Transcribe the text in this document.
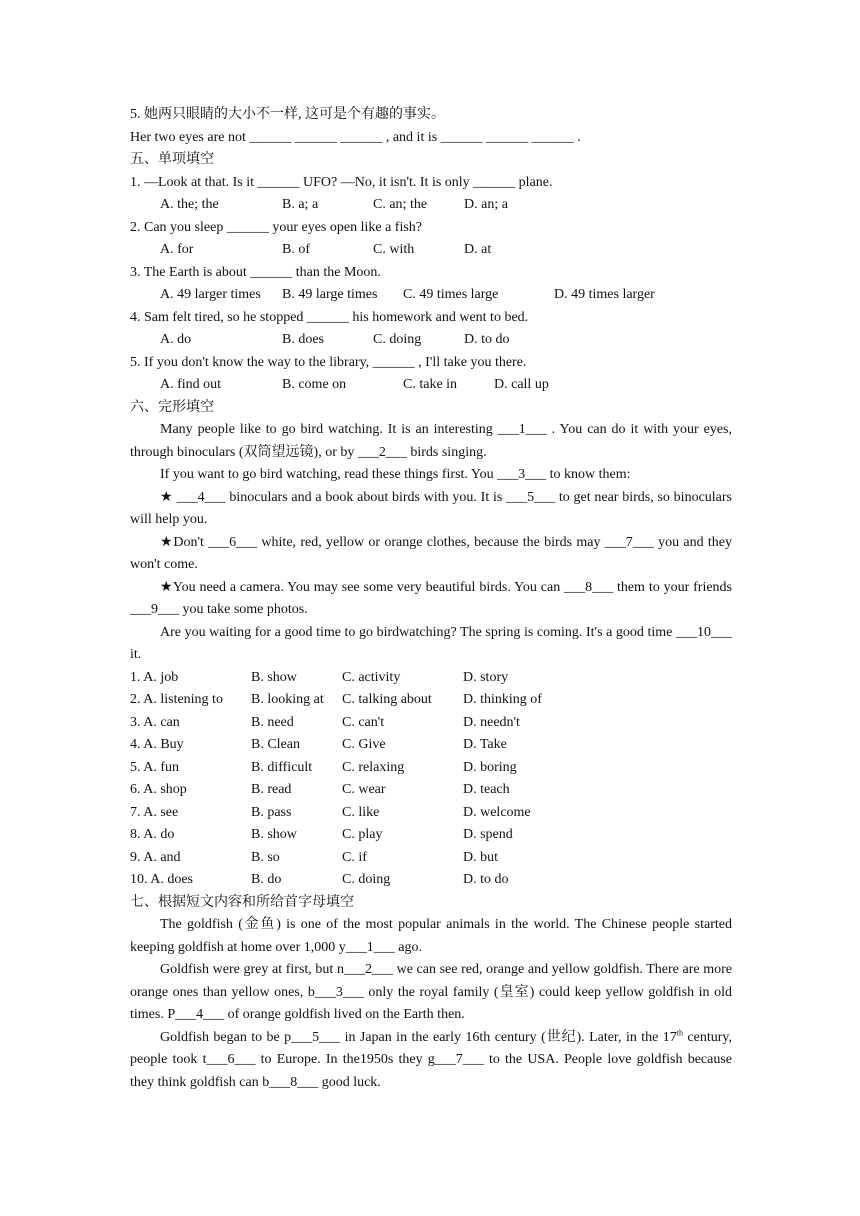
5. 她两只眼睛的大小不一样, 这可是个有趣的事实。
Her two eyes are not ______ ______ ______ , and it is ______ ______ ______ .
五、单项填空
1. —Look at that. Is it ______ UFO? —No, it isn't. It is only ______ plane.
A. the; the	B. a; a	C. an; the	D. an; a
2. Can you sleep ______ your eyes open like a fish?
A. for	B. of	C. with	D. at
3. The Earth is about ______ than the Moon.
A. 49 larger times	B. 49 large times	C. 49 times large	D. 49 times larger
4. Sam felt tired, so he stopped ______ his homework and went to bed.
A. do	B. does	C. doing	D. to do
5. If you don't know the way to the library, ______ , I'll take you there.
A. find out	B. come on	C. take in	D. call up
六、完形填空
Many people like to go bird watching. It is an interesting ___1___ . You can do it with your eyes, through binoculars (双筒望远镜), or by ___2___ birds singing.
If you want to go bird watching, read these things first. You ___3___ to know them:
★ ___4___ binoculars and a book about birds with you. It is ___5___ to get near birds, so binoculars will help you.
★Don't ___6___ white, red, yellow or orange clothes, because the birds may ___7___ you and they won't come.
★You need a camera. You may see some very beautiful birds. You can ___8___ them to your friends ___9___ you take some photos.
Are you waiting for a good time to go birdwatching? The spring is coming. It's a good time ___10___ it.
1. A. job	B. show	C. activity	D. story
2. A. listening to	B. looking at	C. talking about	D. thinking of
3. A. can	B. need	C. can't	D. needn't
4. A. Buy	B. Clean	C. Give	D. Take
5. A. fun	B. difficult	C. relaxing	D. boring
6. A. shop	B. read	C. wear	D. teach
7. A. see	B. pass	C. like	D. welcome
8. A. do	B. show	C. play	D. spend
9. A. and	B. so	C. if	D. but
10. A. does	B. do	C. doing	D. to do
七、根据短文内容和所给首字母填空
The goldfish (金鱼) is one of the most popular animals in the world. The Chinese people started keeping goldfish at home over 1,000 y___1___ ago.
Goldfish were grey at first, but n___2___ we can see red, orange and yellow goldfish. There are more orange ones than yellow ones, b___3___ only the royal family (皇室) could keep yellow goldfish in old times. P___4___ of orange goldfish lived on the Earth then.
Goldfish began to be p___5___ in Japan in the early 16th century (世纪). Later, in the 17th century, people took t___6___ to Europe. In the1950s they g___7___ to the USA. People love goldfish because they think goldfish can b___8___ good luck.
